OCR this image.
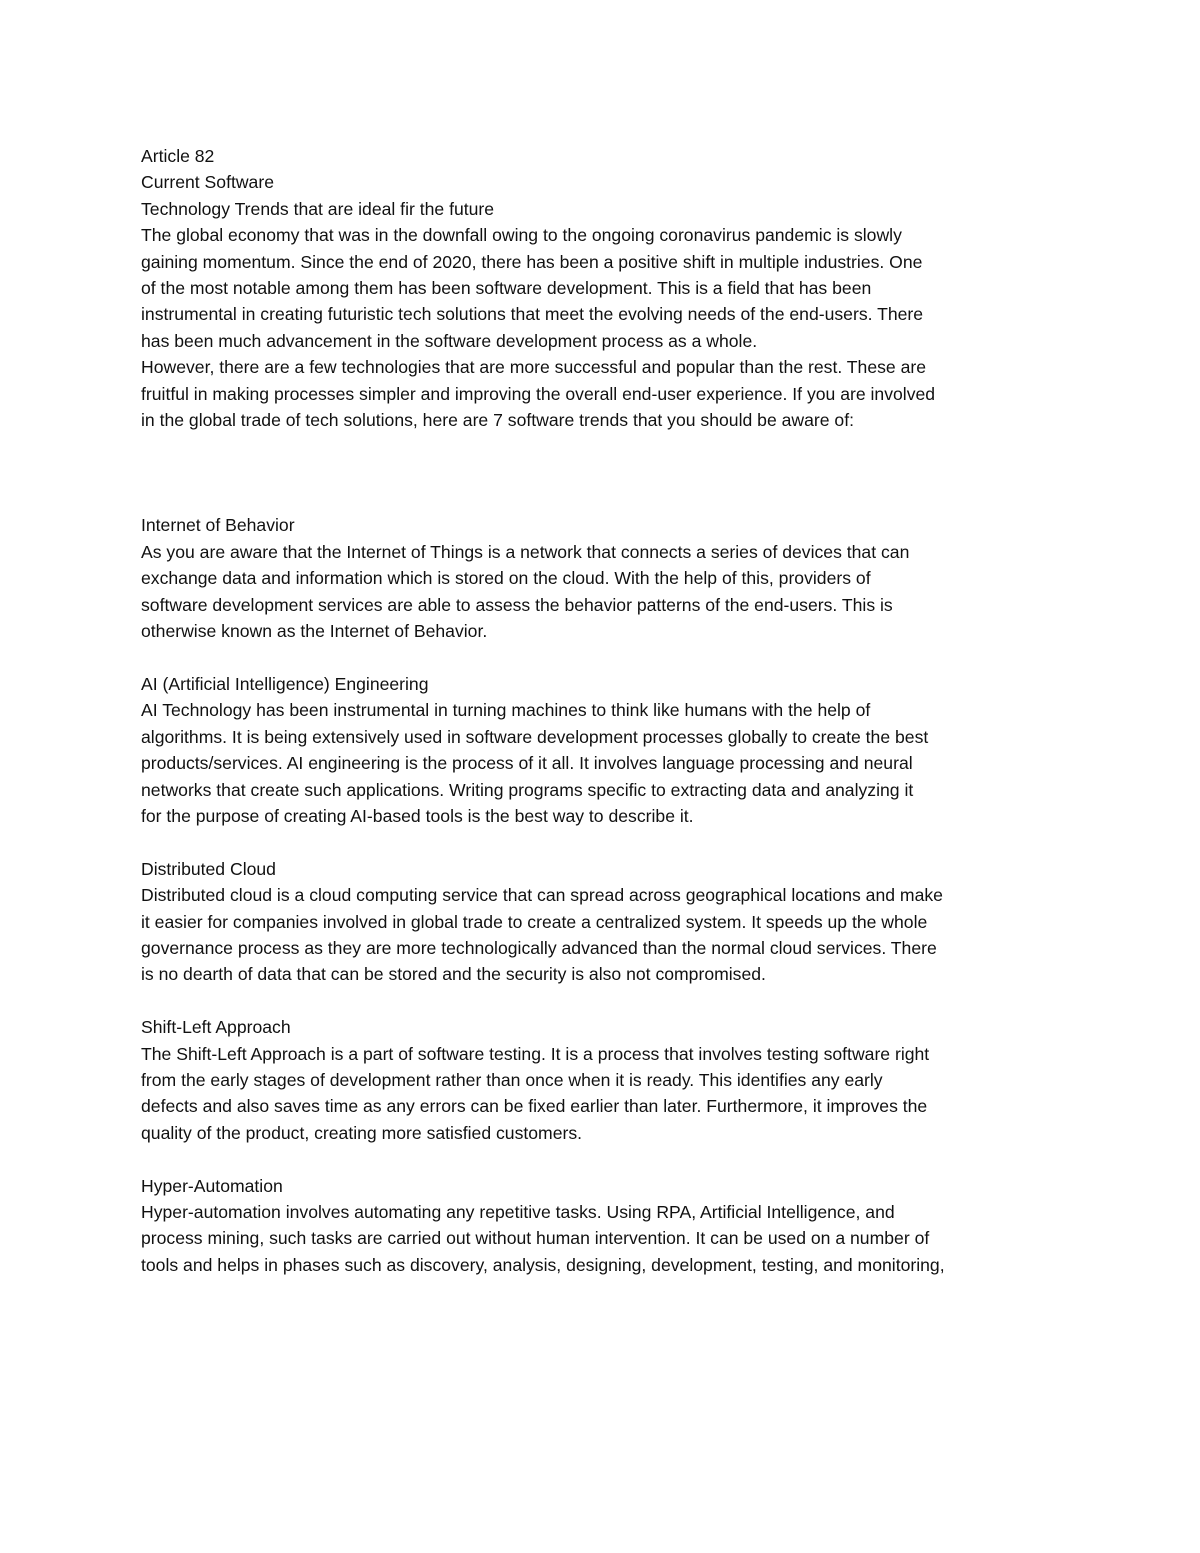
Article 82

Current Software

Technology Trends that are ideal fir the future

The global economy that was in the downfall owing to the ongoing coronavirus pandemic is slowly
gaining momentum. Since the end of 2020, there has been a positive shift in multiple industries. One
of the most notable among them has been software development. This is a field that has been
instrumental in creating futuristic tech solutions that meet the evolving needs of the end-users. There
has been much advancement in the software development process as a whole.

However, there are a few technologies that are more successful and popular than the rest. These are
fruitful in making processes simpler and improving the overall end-user experience. If you are involved
in the global trade of tech solutions, here are 7 software trends that you should be aware of:

Internet of Behavior

As you are aware that the Internet of Things is a network that connects a series of devices that can
exchange data and information which is stored on the cloud. With the help of this, providers of
software development services are able to assess the behavior patterns of the end-users. This is
otherwise known as the Internet of Behavior.

AI (Artificial Intelligence) Engineering

AI Technology has been instrumental in turning machines to think like humans with the help of
algorithms. It is being extensively used in software development processes globally to create the best
products/services. AI engineering is the process of it all. It involves language processing and neural
networks that create such applications. Writing programs specific to extracting data and analyzing it
for the purpose of creating AI-based tools is the best way to describe it.

Distributed Cloud

Distributed cloud is a cloud computing service that can spread across geographical locations and make
it easier for companies involved in global trade to create a centralized system. It speeds up the whole
governance process as they are more technologically advanced than the normal cloud services. There
is no dearth of data that can be stored and the security is also not compromised.

Shift-Left Approach

The Shift-Left Approach is a part of software testing. It is a process that involves testing software right
from the early stages of development rather than once when it is ready. This identifies any early
defects and also saves time as any errors can be fixed earlier than later. Furthermore, it improves the
quality of the product, creating more satisfied customers.

Hyper-Automation

Hyper-automation involves automating any repetitive tasks. Using RPA, Artificial Intelligence, and
process mining, such tasks are carried out without human intervention. It can be used on a number of
tools and helps in phases such as discovery, analysis, designing, development, testing, and monitoring,
